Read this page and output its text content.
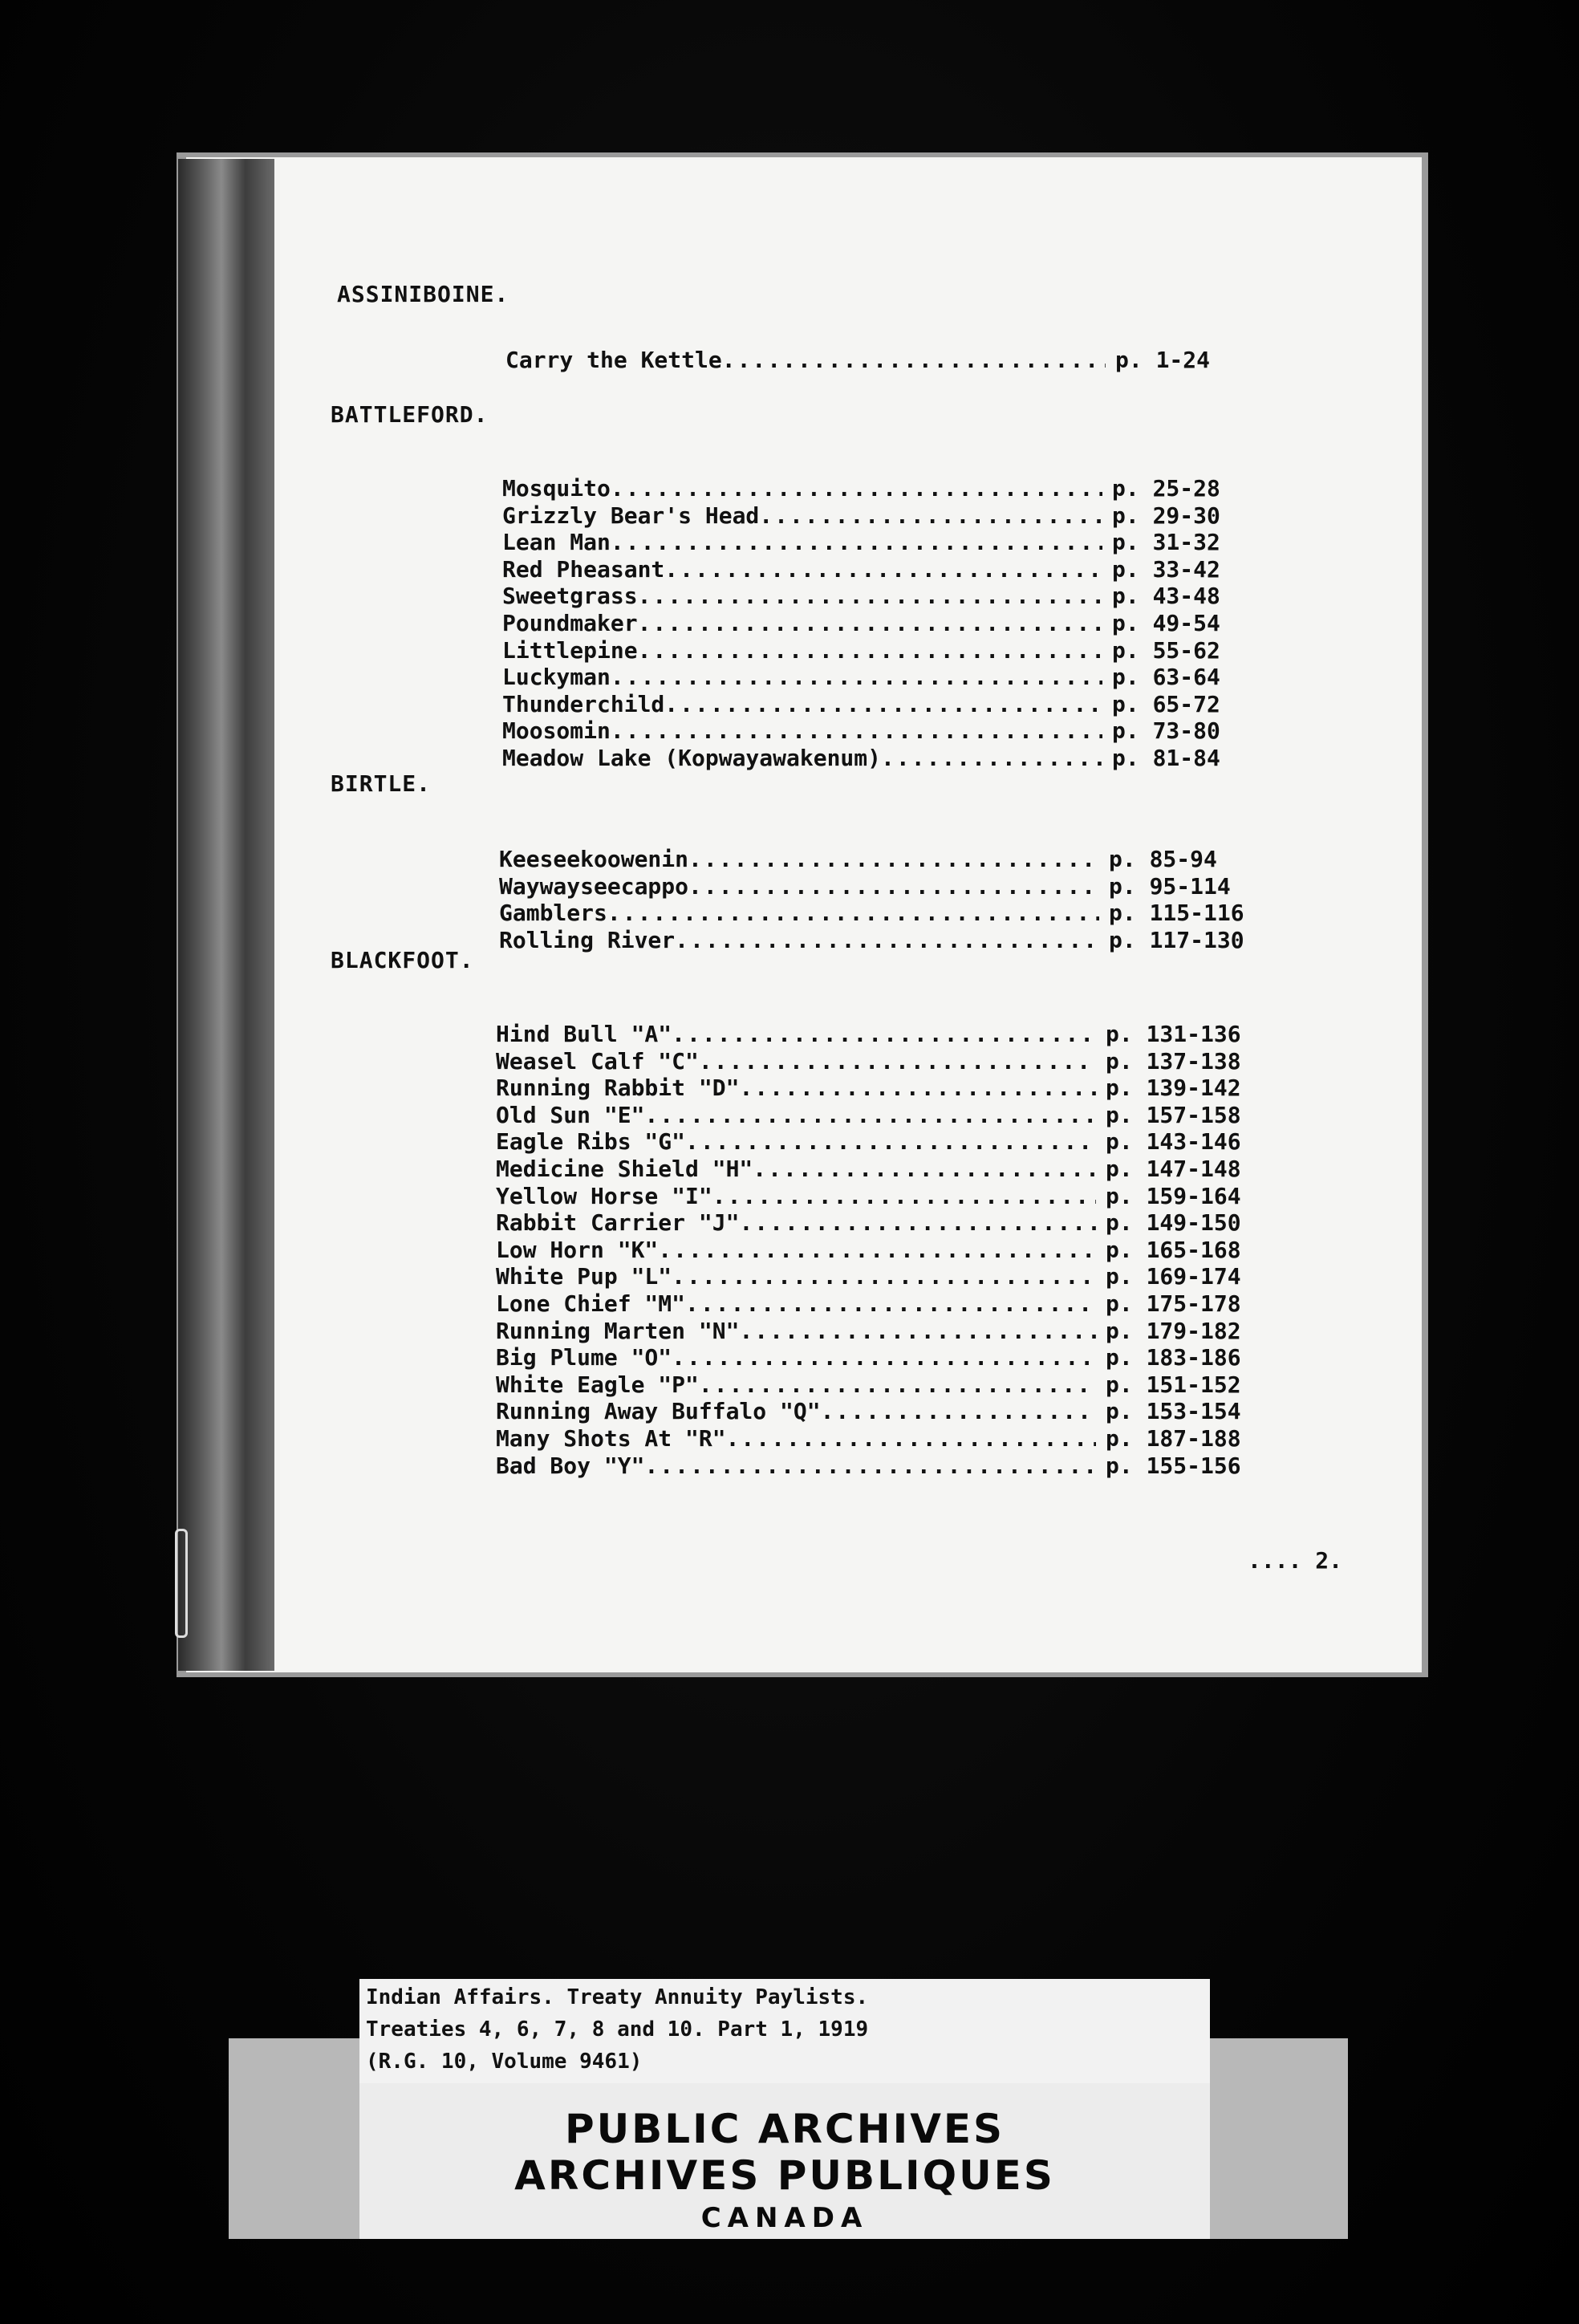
ASSINIBOINE.
Carry the Kettle .....	p. 1-24
BATTLEFORD.
Mosquito .....	p. 25-28
Grizzly Bear's Head .....	p. 29-30
Lean Man .....	p. 31-32
Red Pheasant .....	p. 33-42
Sweetgrass .....	p. 43-48
Poundmaker .....	p. 49-54
Littlepine .....	p. 55-62
Luckyman .....	p. 63-64
Thunderchild .....	p. 65-72
Moosomin .....	p. 73-80
Meadow Lake (Kopwayawakenum) .....	p. 81-84
BIRTLE.
Keeseekoowenin .....	p. 85-94
Waywayseecappo .....	p. 95-114
Gamblers .....	p. 115-116
Rolling River .....	p. 117-130
BLACKFOOT.
Hind Bull "A" .....	p. 131-136
Weasel Calf "C" .....	p. 137-138
Running Rabbit "D" .....	p. 139-142
Old Sun "E" .....	p. 157-158
Eagle Ribs "G" .....	p. 143-146
Medicine Shield "H" .....	p. 147-148
Yellow Horse "I" .....	p. 159-164
Rabbit Carrier "J" .....	p. 149-150
Low Horn "K" .....	p. 165-168
White Pup "L" .....	p. 169-174
Lone Chief "M" .....	p. 175-178
Running Marten "N" .....	p. 179-182
Big Plume "O" .....	p. 183-186
White Eagle "P" .....	p. 151-152
Running Away Buffalo "Q" .....	p. 153-154
Many Shots At "R" .....	p. 187-188
Bad Boy "Y" .....	p. 155-156
.... 2.
Indian Affairs. Treaty Annuity Paylists.
Treaties 4, 6, 7, 8 and 10. Part 1, 1919
(R.G. 10, Volume 9461)
PUBLIC ARCHIVES
ARCHIVES PUBLIQUES
CANADA
